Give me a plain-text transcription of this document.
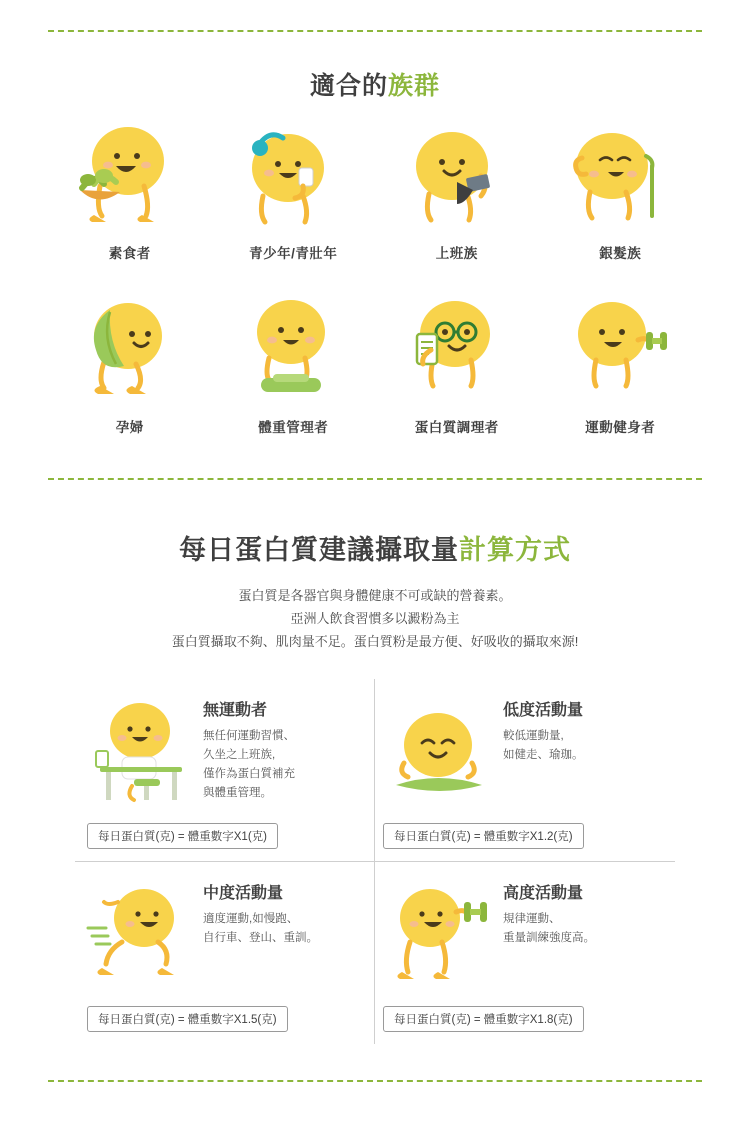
適合的族群
素食者	青少年/青壯年	上班族	銀髮族
孕婦	體重管理者	蛋白質調理者	運動健身者
每日蛋白質建議攝取量計算方式
蛋白質是各器官與身體健康不可或缺的營養素。
亞洲人飲食習慣多以澱粉為主
蛋白質攝取不夠、肌肉量不足。蛋白質粉是最方便、好吸收的攝取來源!
無運動者
無任何運動習慣、
久坐之上班族,
僅作為蛋白質補充
與體重管理。
每日蛋白質(克) = 體重數字X1(克)
低度活動量
較低運動量,
如健走、瑜珈。
每日蛋白質(克) = 體重數字X1.2(克)
中度活動量
適度運動,如慢跑、
自行車、登山、重訓。
每日蛋白質(克) = 體重數字X1.5(克)
高度活動量
規律運動、
重量訓練強度高。
每日蛋白質(克) = 體重數字X1.8(克)
